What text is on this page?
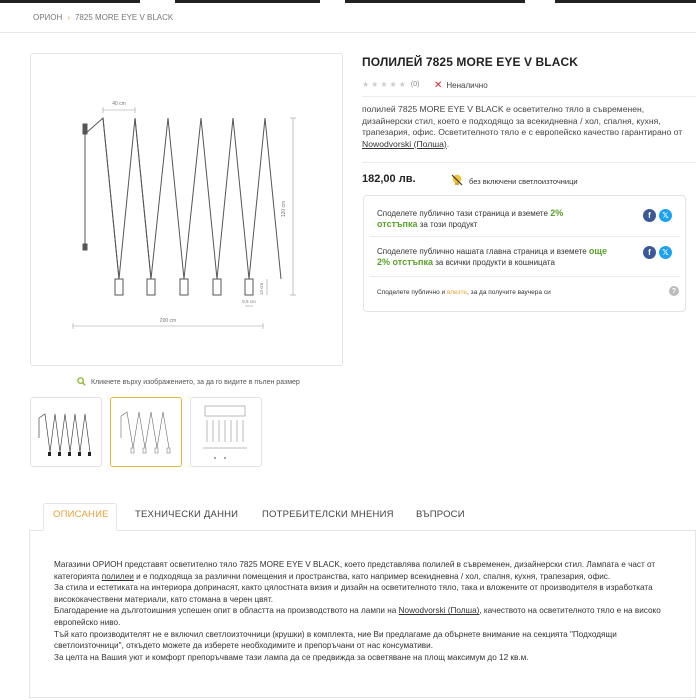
ОРИОН › 7825 MORE EYE V BLACK
40 cm
120 cm
200 cm
5,5 cm
13 cm
Кликнете върху изображението, за да го видите в пълен размер
ПОЛИЛЕЙ 7825 MORE EYE V BLACK
★ ★ ★ ★ ★ (0) ✕ Неналично
полилей 7825 MORE EYE V BLACK е осветително тяло в съвременен, дизайнерски стил, което е подходящо за всекидневна / хол, спалня, кухня, трапезария, офис. Осветителното тяло е с европейско качество гарантирано от Nowodvorski (Полша).
182,00 лв.	без включени светлоизточници
Споделете публично тази страница и вземете 2%
отстъпка за този продукт
f	𝕏
Споделете публично нашата главна страница и вземете още
2% отстъпка за всички продукти в кошницата
f	𝕏
Споделете публично и влезте, за да получите ваучера си	?
ОПИСАНИЕ	ТЕХНИЧЕСКИ ДАННИ	ПОТРЕБИТЕЛСКИ МНЕНИЯ ВЪПРОСИ

Магазини ОРИОН представят осветително тяло 7825 MORE EYE V BLACK, което представлява полилей в съвременен, дизайнерски стил. Лампата е част от категорията полилеи и е подходяща за различни помещения и пространства, като например всекидневна / хол, спалня, кухня, трапезария, офис.

За стила и естетиката на интериора допринасят, както цялостната визия и дизайн на осветителното тяло, така и вложените от производителя в изработката висококачествени материали, като стомана в черен цвят.

Благодарение на дълготоишния успешен опит в областта на производството на лампи на Nowodvorski (Полша), качеството на осветителното тяло е на високо европейско ниво.

Тъй като производителят не е включил светлоизточници (крушки) в комплекта, ние Ви предлагаме да обърнете внимание на секцията "Подходящи светлоизточници", откъдето можете да изберете необходимите и препоръчани от нас консумативи.

За целта на Вашия уют и комфорт препоръчваме тази лампа да се предвижда за осветяване на площ максимум до 12 кв.м.
